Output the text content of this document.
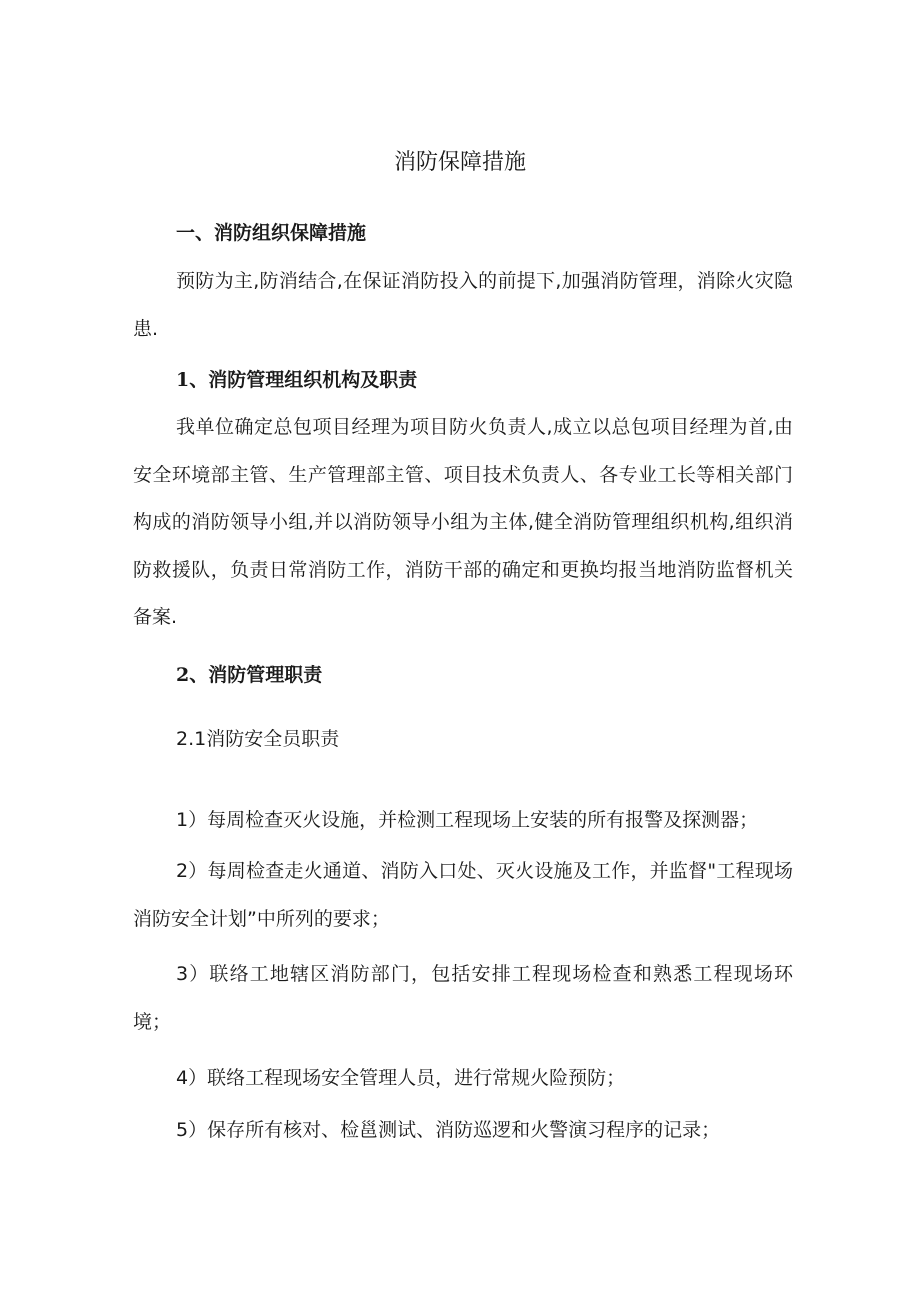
消防保障措施
一、消防组织保障措施

预防为主,防消结合,在保证消防投入的前提下,加强消防管理，消除火灾隐患.

1、消防管理组织机构及职责

我单位确定总包项目经理为项目防火负责人,成立以总包项目经理为首,由安全环境部主管、生产管理部主管、项目技术负责人、各专业工长等相关部门构成的消防领导小组,并以消防领导小组为主体,健全消防管理组织机构,组织消防救援队，负责日常消防工作，消防干部的确定和更换均报当地消防监督机关备案.

2、消防管理职责
2.1消防安全员职责

1）每周检查灭火设施，并检测工程现场上安装的所有报警及探测器；

2）每周检查走火通道、消防入口处、灭火设施及工作，并监督"工程现场消防安全计划”中所列的要求；

3）联络工地辖区消防部门，包括安排工程现场检查和熟悉工程现场环境；

4）联络工程现场安全管理人员，进行常规火险预防；

5）保存所有核对、检邕测试、消防巡逻和火警演习程序的记录；
